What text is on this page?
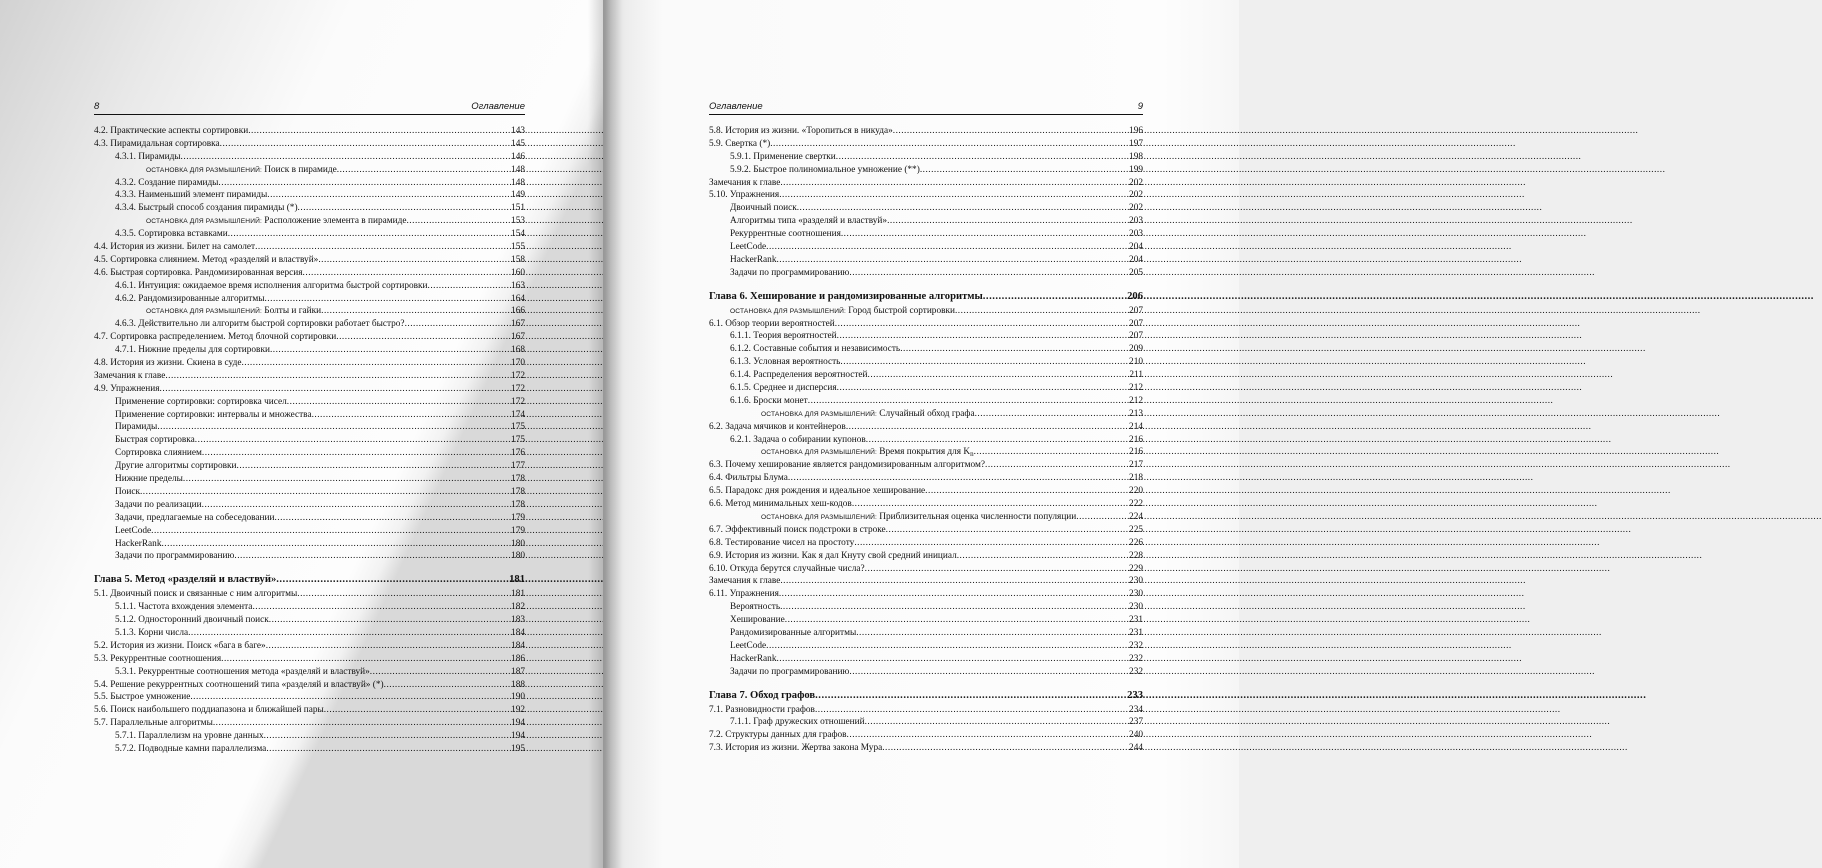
8	Оглавление
4.2. Практические аспекты сортировки .....	143
4.3. Пирамидальная сортировка .....	145
4.3.1. Пирамиды .....	146
ОСТАНОВКА ДЛЯ РАЗМЫШЛЕНИЙ: Поиск в пирамиде .....	148
4.3.2. Создание пирамиды .....	148
4.3.3. Наименьший элемент пирамиды .....	149
4.3.4. Быстрый способ создания пирамиды (*) .....	151
ОСТАНОВКА ДЛЯ РАЗМЫШЛЕНИЙ: Расположение элемента в пирамиде .....	153
4.3.5. Сортировка вставками .....	154
4.4. История из жизни. Билет на самолет .....	155
4.5. Сортировка слиянием. Метод «разделяй и властвуй» .....	158
4.6. Быстрая сортировка. Рандомизированная версия .....	160
4.6.1. Интуиция: ожидаемое время исполнения алгоритма быстрой сортировки .....	163
4.6.2. Рандомизированные алгоритмы .....	164
ОСТАНОВКА ДЛЯ РАЗМЫШЛЕНИЙ: Болты и гайки .....	166
4.6.3. Действительно ли алгоритм быстрой сортировки работает быстро? .....	167
4.7. Сортировка распределением. Метод блочной сортировки .....	167
4.7.1. Нижние пределы для сортировки .....	168
4.8. История из жизни. Скиена в суде .....	170
Замечания к главе .....	172
4.9. Упражнения .....	172
Применение сортировки: сортировка чисел .....	172
Применение сортировки: интервалы и множества .....	174
Пирамиды .....	175
Быстрая сортировка .....	175
Сортировка слиянием .....	176
Другие алгоритмы сортировки .....	177
Нижние пределы .....	178
Поиск .....	178
Задачи по реализации .....	178
Задачи, предлагаемые на собеседовании .....	179
LeetCode .....	179
HackerRank .....	180
Задачи по программированию .....	180
Глава 5. Метод «разделяй и властвуй» .....	181
5.1. Двоичный поиск и связанные с ним алгоритмы .....	181
5.1.1. Частота вхождения элемента .....	182
5.1.2. Односторонний двоичный поиск .....	183
5.1.3. Корни числа .....	184
5.2. История из жизни. Поиск «бага в баге» .....	184
5.3. Рекуррентные соотношения .....	186
5.3.1. Рекуррентные соотношения метода «разделяй и властвуй» .....	187
5.4. Решение рекуррентных соотношений типа «разделяй и властвуй» (*) .....	188
5.5. Быстрое умножение .....	190
5.6. Поиск наибольшего поддиапазона и ближайшей пары .....	192
5.7. Параллельные алгоритмы .....	194
5.7.1. Параллелизм на уровне данных .....	194
5.7.2. Подводные камни параллелизма .....	195
Оглавление	9
5.8. История из жизни. «Торопиться в никуда» .....	196
5.9. Свертка (*) .....	197
5.9.1. Применение свертки .....	198
5.9.2. Быстрое полиномиальное умножение (**) .....	199
Замечания к главе .....	202
5.10. Упражнения .....	202
Двоичный поиск .....	202
Алгоритмы типа «разделяй и властвуй» .....	203
Рекуррентные соотношения .....	203
LeetCode .....	204
HackerRank .....	204
Задачи по программированию .....	205
Глава 6. Хеширование и рандомизированные алгоритмы .....	206
ОСТАНОВКА ДЛЯ РАЗМЫШЛЕНИЙ: Город быстрой сортировки .....	207
6.1. Обзор теории вероятностей .....	207
6.1.1. Теория вероятностей .....	207
6.1.2. Составные события и независимость .....	209
6.1.3. Условная вероятность .....	210
6.1.4. Распределения вероятностей .....	211
6.1.5. Среднее и дисперсия .....	212
6.1.6. Броски монет .....	212
ОСТАНОВКА ДЛЯ РАЗМЫШЛЕНИЙ: Случайный обход графа .....	213
6.2. Задача мячиков и контейнеров .....	214
6.2.1. Задача о собирании купонов .....	216
ОСТАНОВКА ДЛЯ РАЗМЫШЛЕНИЙ: Время покрытия для $K_n$ .....	216
6.3. Почему хеширование является рандомизированным алгоритмом? .....	217
6.4. Фильтры Блума .....	218
6.5. Парадокс дня рождения и идеальное хеширование .....	220
6.6. Метод минимальных хеш-кодов .....	222
ОСТАНОВКА ДЛЯ РАЗМЫШЛЕНИЙ: Приблизительная оценка численности популяции .....	224
6.7. Эффективный поиск подстроки в строке .....	225
6.8. Тестирование чисел на простоту .....	226
6.9. История из жизни. Как я дал Кнуту свой средний инициал .....	228
6.10. Откуда берутся случайные числа? .....	229
Замечания к главе .....	230
6.11. Упражнения .....	230
Вероятность .....	230
Хеширование .....	231
Рандомизированные алгоритмы .....	231
LeetCode .....	232
HackerRank .....	232
Задачи по программированию .....	232
Глава 7. Обход графов .....	233
7.1. Разновидности графов .....	234
7.1.1. Граф дружеских отношений .....	237
7.2. Структуры данных для графов .....	240
7.3. История из жизни. Жертва закона Мура .....	244
